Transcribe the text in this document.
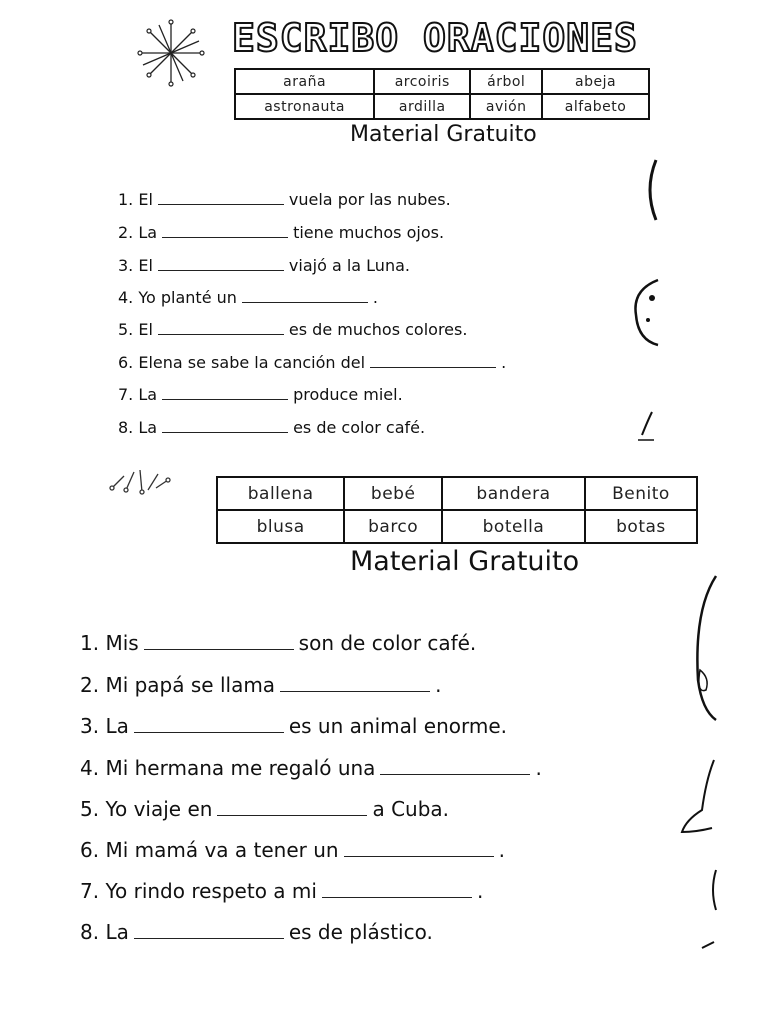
ESCRIBO ORACIONES
araña	arcoiris	árbol	abeja
astronauta	ardilla	avión	alfabeto
Material Gratuito
1. El	vuela por las nubes.
2. La	tiene muchos ojos.
3. El	viajó a la Luna.
4. Yo planté un	.
5. El	es de muchos colores.
6. Elena se sabe la canción del	.
7. La	produce miel.
8. La	es de color café.
ballena	bebé	bandera	Benito
blusa	barco	botella	botas
Material Gratuito
1. Mis	son de color café.
2. Mi papá se llama	.
3. La	es un animal enorme.
4. Mi hermana me regaló una	.
5. Yo viaje en	a Cuba.
6. Mi mamá va a tener un	.
7. Yo rindo respeto a mi	.
8. La	es de plástico.
